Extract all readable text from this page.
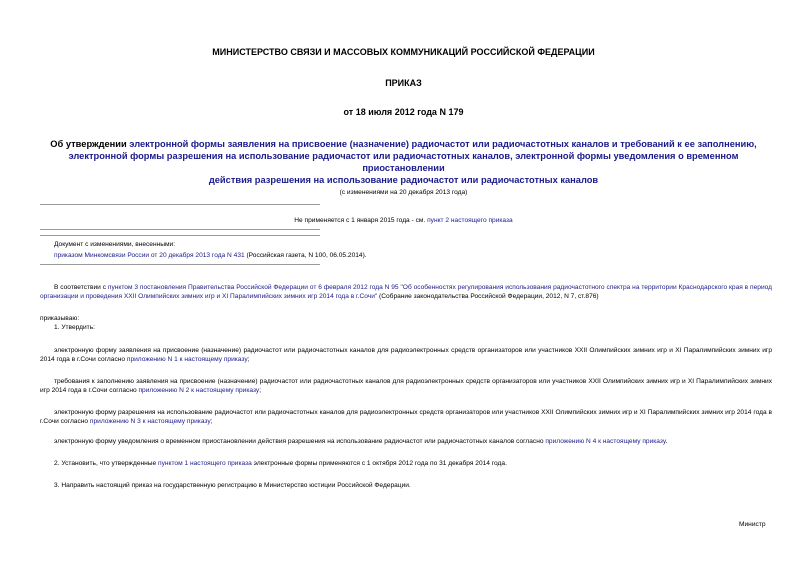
МИНИСТЕРСТВО СВЯЗИ И МАССОВЫХ КОММУНИКАЦИЙ РОССИЙСКОЙ ФЕДЕРАЦИИ
ПРИКАЗ
от 18 июля 2012 года N 179
Об утверждении электронной формы заявления на присвоение (назначение) радиочастот или радиочастотных каналов и требований к ее заполнению,
электронной формы разрешения на использование радиочастот или радиочастотных каналов, электронной формы уведомления о временном приостановлении
действия разрешения на использование радиочастот или радиочастотных каналов
(с изменениями на 20 декабря 2013 года)
Не применяется с 1 января 2015 года - см. пункт 2 настоящего приказа
Документ с изменениями, внесенными:
приказом Минкомсвязи России от 20 декабря 2013 года N 431 (Российская газета, N 100, 06.05.2014).
В соответствии с пунктом 3 постановления Правительства Российской Федерации от 6 февраля 2012 года N 95 "Об особенностях регулирования использования радиочастотного спектра на территории Краснодарского края в период организации и проведения XXII Олимпийских зимних игр и XI Паралимпийских зимних игр 2014 года в г.Сочи" (Собрание законодательства Российской Федерации, 2012, N 7, ст.876)
приказываю:
1. Утвердить:
электронную форму заявления на присвоение (назначение) радиочастот или радиочастотных каналов для радиоэлектронных средств организаторов или участников XXII Олимпийских зимних игр и XI Паралимпийских зимних игр 2014 года в г.Сочи согласно приложению N 1 к настоящему приказу;
требования к заполнению заявления на присвоение (назначение) радиочастот или радиочастотных каналов для радиоэлектронных средств организаторов или участников XXII Олимпийских зимних игр и XI Паралимпийских зимних игр 2014 года в г.Сочи согласно приложению N 2 к настоящему приказу;
электронную форму разрешения на использование радиочастот или радиочастотных каналов для радиоэлектронных средств организаторов или участников XXII Олимпийских зимних игр и XI Паралимпийских зимних игр 2014 года в г.Сочи согласно приложению N 3 к настоящему приказу;
электронную форму уведомления о временном приостановлении действия разрешения на использование радиочастот или радиочастотных каналов согласно приложению N 4 к настоящему приказу.
2. Установить, что утвержденные пунктом 1 настоящего приказа электронные формы применяются с 1 октября 2012 года по 31 декабря 2014 года.
3. Направить настоящий приказ на государственную регистрацию в Министерство юстиции Российской Федерации.
Министр
